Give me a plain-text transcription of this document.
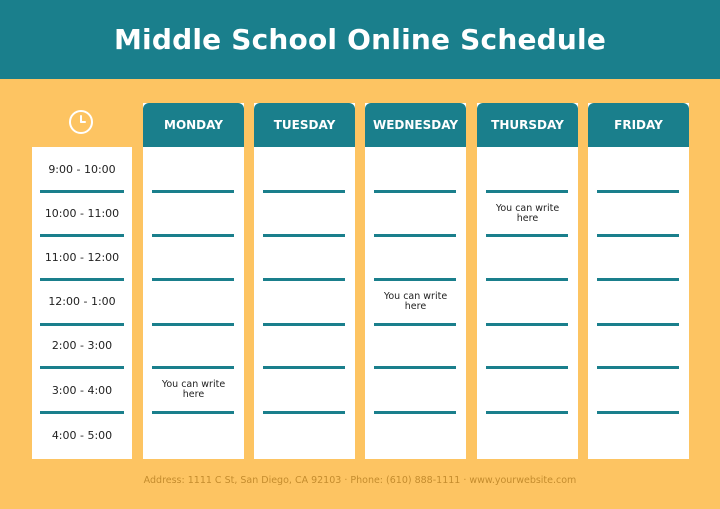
Middle School Online Schedule
9:00 - 10:00
10:00 - 11:00
11:00 - 12:00
12:00 - 1:00
2:00 - 3:00
3:00 - 4:00
4:00 - 5:00
MONDAY
You can write here
TUESDAY	WEDNESDAY
You can write here
THURSDAY
You can write here
FRIDAY
Address: 1111 C St, San Diego, CA 92103 · Phone: (610) 888-1111 · www.yourwebsite.com
